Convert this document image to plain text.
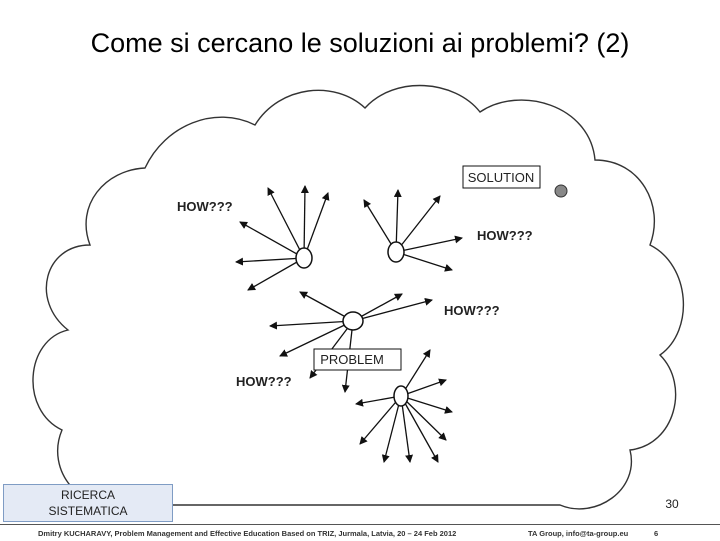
Come si cercano le soluzioni ai problemi? (2)
SOLUTION
PROBLEM
HOW???
HOW???
HOW???
HOW???
RICERCA
SISTEMATICA	30
Dmitry KUCHARAVY, Problem Management and Effective Education Based on TRIZ, Jurmala, Latvia, 20 – 24 Feb 2012	TA Group, info@ta-group.eu	6
